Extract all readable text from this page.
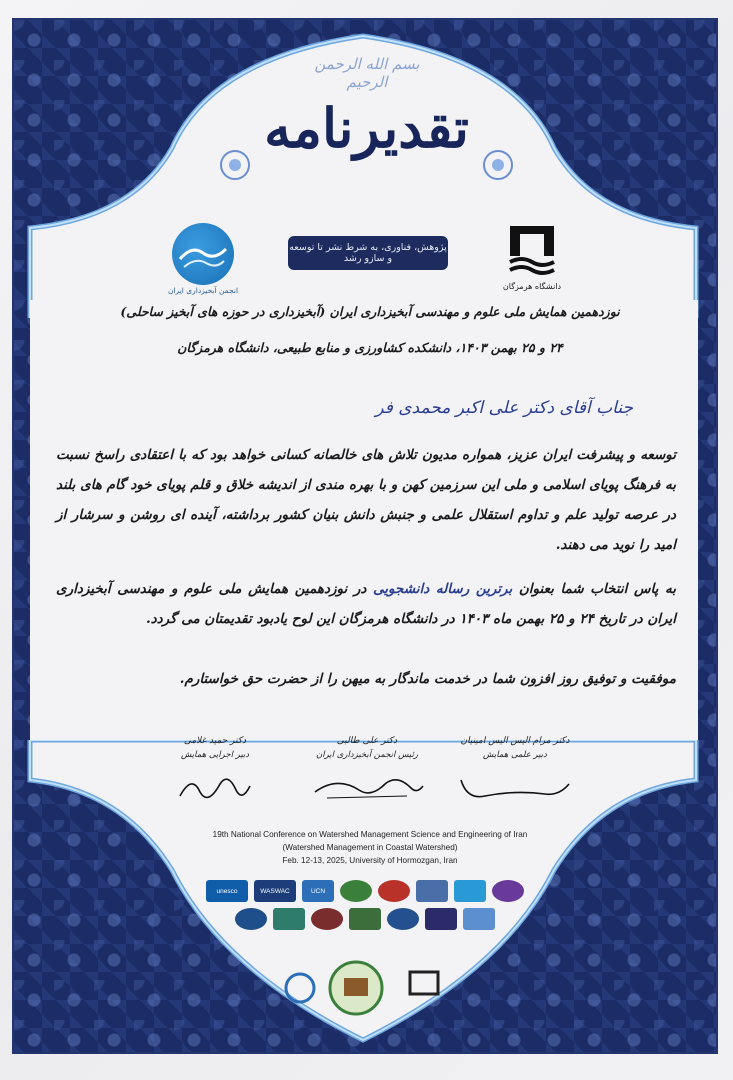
بسم الله الرحمن الرحیم
تقدیرنامه
پژوهش، فناوری، به شرط نشر تا توسعه و سازو رشد
انجمن آبخیزداری ایران	دانشگاه هرمزگان
نوزدهمین همایش ملی علوم و مهندسی آبخیزداری ایران (آبخیزداری در حوزه های آبخیز ساحلی)
۲۴ و ۲۵ بهمن ۱۴۰۳، دانشکده کشاورزی و منابع طبیعی، دانشگاه هرمزگان
جناب آقای دکتر علی اکبر محمدی فر
توسعه و پیشرفت ایران عزیز، همواره مدیون تلاش های خالصانه کسانی خواهد بود که با اعتقادی راسخ نسبت به فرهنگ پویای اسلامی و ملی این سرزمین کهن و با بهره مندی از اندیشه خلاق و قلم پویای خود گام های بلند در عرصه تولید علم و تداوم استقلال علمی و جنبش دانش بنیان کشور برداشته، آینده ای روشن و سرشار از امید را نوید می دهند.
به پاس انتخاب شما بعنوان برترین رساله دانشجویی در نوزدهمین همایش ملی علوم و مهندسی آبخیزداری ایران در تاریخ ۲۴ و ۲۵ بهمن ماه ۱۴۰۳ در دانشگاه هرمزگان این لوح یادبود تقدیمتان می گردد.
موفقیت و توفیق روز افزون شما در خدمت ماندگار به میهن را از حضرت حق خواستارم.
دکتر حمید غلامی
دبیر اجرایی همایش
دکتر علی طالبی
رئیس انجمن آبخیزداری ایران
دکتر مرام الیس الیس امینیان
دبیر علمی همایش
19th National Conference on Watershed Management Science and Engineering of Iran
(Watershed Management in Coastal Watershed)
Feb. 12-13, 2025, University of Hormozgan, Iran
unesco	WASWAC	UCN
